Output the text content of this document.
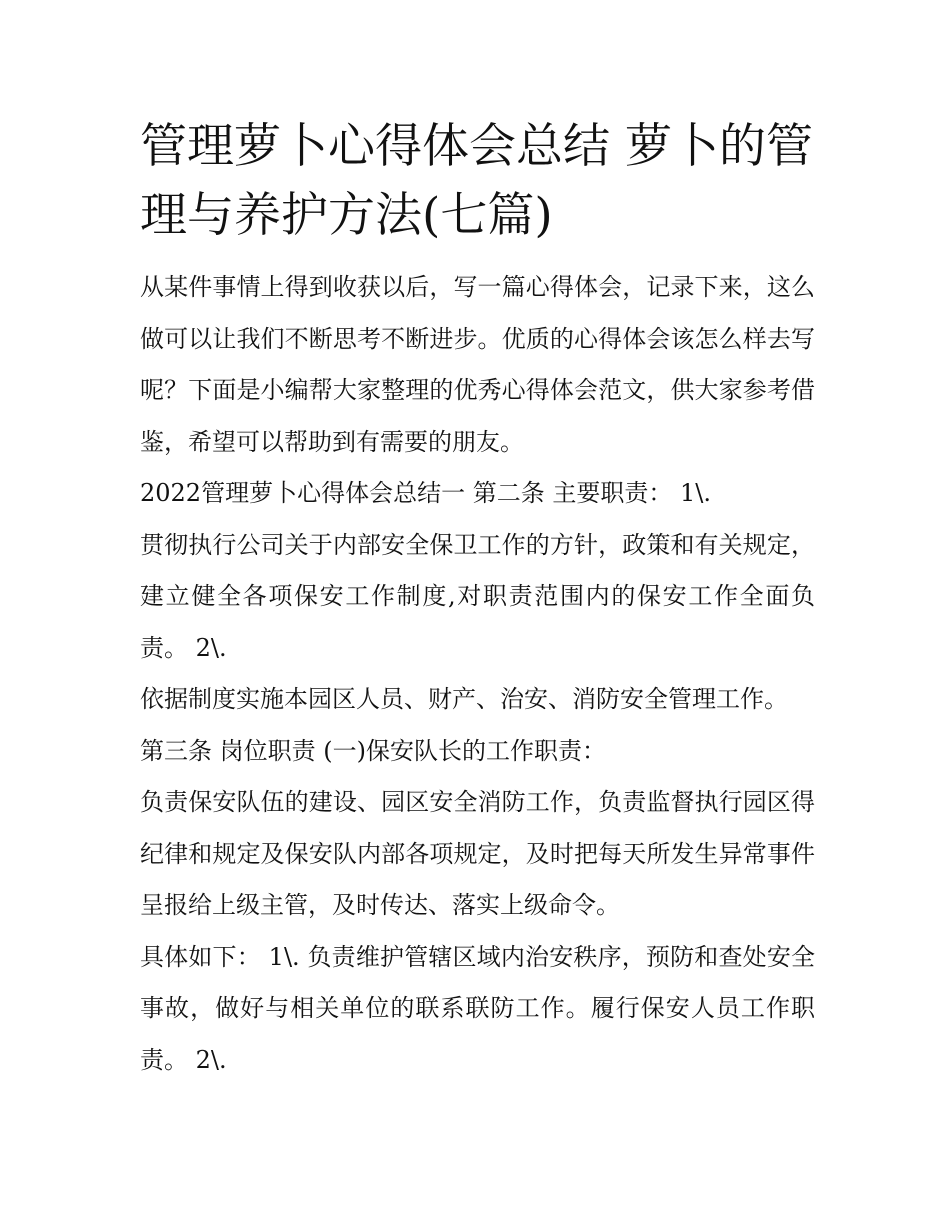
管理萝卜心得体会总结 萝卜的管理与养护方法(七篇)

从某件事情上得到收获以后，写一篇心得体会，记录下来，这么做可以让我们不断思考不断进步。优质的心得体会该怎么样去写呢？下面是小编帮大家整理的优秀心得体会范文，供大家参考借鉴，希望可以帮助到有需要的朋友。

2022管理萝卜心得体会总结一 第二条 主要职责： 1\.

贯彻执行公司关于内部安全保卫工作的方针，政策和有关规定，建立健全各项保安工作制度,对职责范围内的保安工作全面负责。 2\.

依据制度实施本园区人员、财产、治安、消防安全管理工作。

第三条 岗位职责 (一)保安队长的工作职责：

负责保安队伍的建设、园区安全消防工作，负责监督执行园区得纪律和规定及保安队内部各项规定，及时把每天所发生异常事件呈报给上级主管，及时传达、落实上级命令。

具体如下： 1\. 负责维护管辖区域内治安秩序，预防和查处安全事故，做好与相关单位的联系联防工作。履行保安人员工作职责。 2\.
